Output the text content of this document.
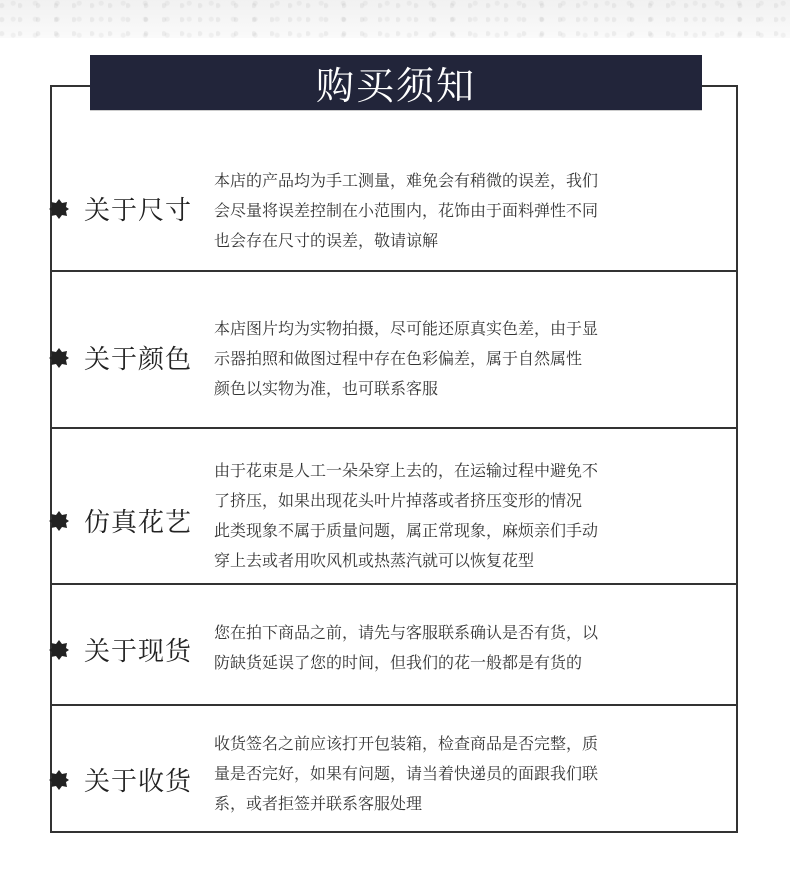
购买须知
关于尺寸
本店的产品均为手工测量，难免会有稍微的误差，我们
会尽量将误差控制在小范围内，花饰由于面料弹性不同
也会存在尺寸的误差，敬请谅解
关于颜色
本店图片均为实物拍摄，尽可能还原真实色差，由于显
示器拍照和做图过程中存在色彩偏差，属于自然属性
颜色以实物为准，也可联系客服
仿真花艺
由于花束是人工一朵朵穿上去的，在运输过程中避免不
了挤压，如果出现花头叶片掉落或者挤压变形的情况
此类现象不属于质量问题，属正常现象，麻烦亲们手动
穿上去或者用吹风机或热蒸汽就可以恢复花型
关于现货
您在拍下商品之前，请先与客服联系确认是否有货，以
防缺货延误了您的时间，但我们的花一般都是有货的
关于收货
收货签名之前应该打开包装箱，检查商品是否完整，质
量是否完好，如果有问题，请当着快递员的面跟我们联
系，或者拒签并联系客服处理
